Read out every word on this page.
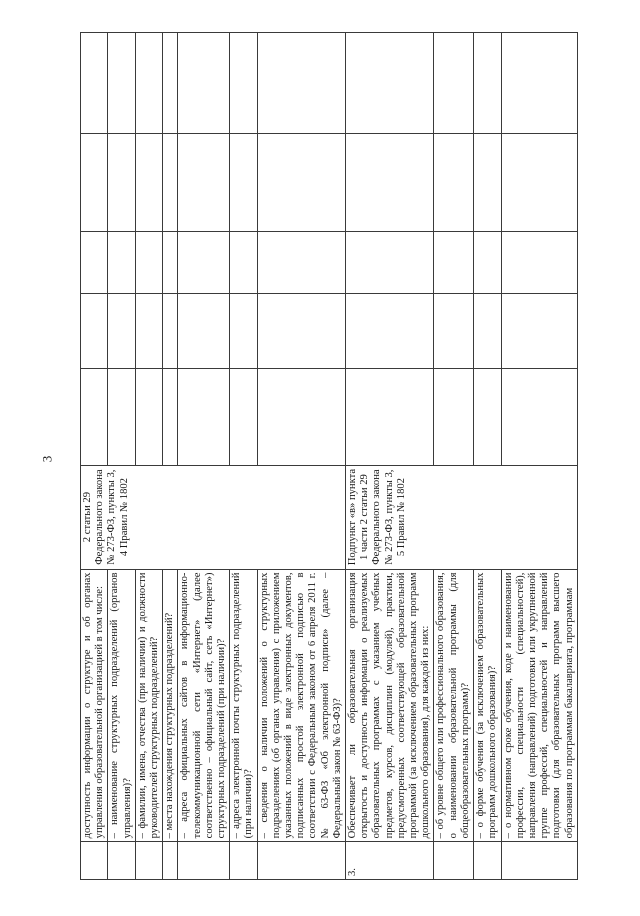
3
	доступность информации о структуре и об органах управления образовательной организацией в том числе:	2 статьи 29 Федерального закона № 273-ФЗ, пункты 3, 4 Правил № 1802					
	– наименование структурных подразделений (органов управления)?						
	– фамилии, имена, отчества (при наличии) и должности руководителей структурных подразделений?						
	– места нахождения структурных подразделений?						
	– адреса официальных сайтов в информационно-телекоммуникационной сети «Интернет» (далее соответственно – официальный сайт, сеть «Интернет») структурных подразделений (при наличии)?						
	– адреса электронной почты структурных подразделений (при наличии)?						
	– сведения о наличии положений о структурных подразделениях (об органах управления) с приложением указанных положений в виде электронных документов, подписанных простой электронной подписью в соответствии с Федеральным законом от 6 апреля 2011 г. № 63-ФЗ «Об электронной подписи» (далее – Федеральный закон № 63-ФЗ)?						
3.	Обеспечивает ли образовательная организация открытость и доступность информации о реализуемых образовательных программах с указанием учебных предметов, курсов, дисциплин (модулей), практики, предусмотренных соответствующей образовательной программой (за исключением образовательных программ дошкольного образования), для каждой из них:	Подпункт «в» пункта 1 части 2 статьи 29 Федерального закона № 273-ФЗ, пункты 3, 5 Правил № 1802					
	– об уровне общего или профессионального образования, о наименовании образовательной программы (для общеобразовательных программ)?						
	– о форме обучения (за исключением образовательных программ дошкольного образования)?						
	– о нормативном сроке обучения, коде и наименовании профессии, специальности (специальностей), направления (направлений) подготовки или укрупненной группе профессий, специальностей и направлений подготовки (для образовательных программ высшего образования по программам бакалавриата, программам						
